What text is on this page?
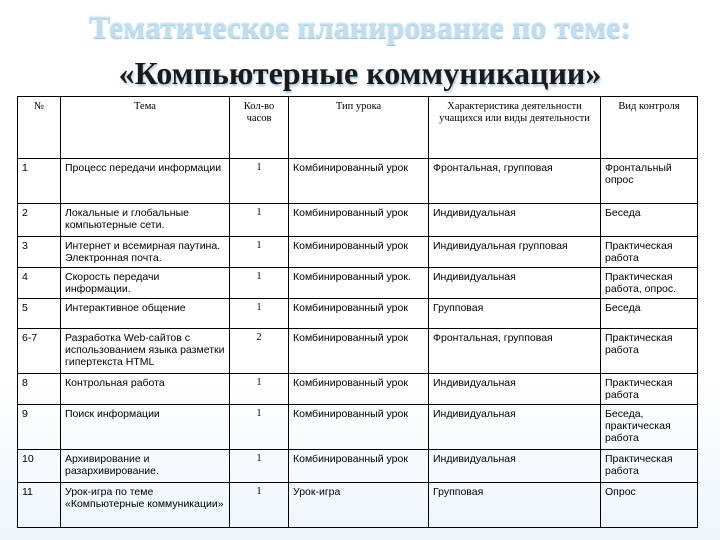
Тематическое планирование по теме:
«Компьютерные коммуникации»
№	Тема	Кол-во часов	Тип урока	Характеристика деятельности учащихся или виды деятельности	Вид контроля
1	Процесс передачи информации	1	Комбинированный урок	Фронтальная, групповая	Фронтальный опрос
2	Локальные и глобальные компьютерные сети.	1	Комбинированный урок	Индивидуальная	Беседа
3	Интернет и всемирная паутина. Электронная почта.	1	Комбинированный урок	Индивидуальная групповая	Практическая работа
4	Скорость передачи информации.	1	Комбинированный урок.	Индивидуальная	Практическая работа, опрос.
5	Интерактивное общение	1	Комбинированный урок	Групповая	Беседа
6-7	Разработка Web-сайтов с использованием языка разметки гипертекста HTML	2	Комбинированный урок	Фронтальная, групповая	Практическая работа
8	Контрольная работа	1	Комбинированный урок	Индивидуальная	Практическая работа
9	Поиск информации	1	Комбинированный урок	Индивидуальная	Беседа, практическая работа
10	Архивирование и разархивирование.	1	Комбинированный урок	Индивидуальная	Практическая работа
11	Урок-игра по теме «Компьютерные коммуникации»	1	Урок-игра	Групповая	Опрос
